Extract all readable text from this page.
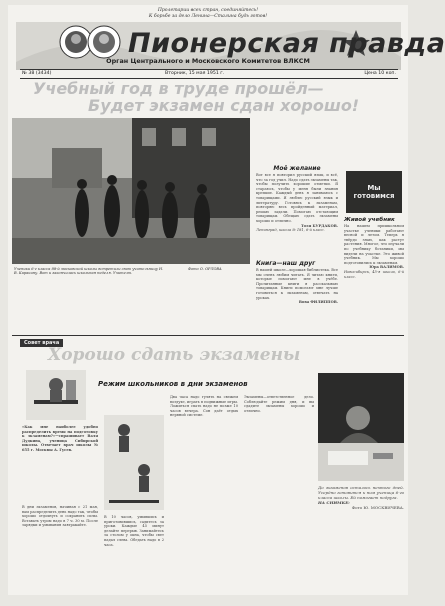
Пролетарии всех стран, соединяйтесь!
К борьбе за дело Ленина—Сталина будь готов!
Пионерская правда
Орган Центрального и Московского Комитетов ВЛКСМ
№ 38 (3434)	Вторник, 15 мая 1951 г.	Цена 10 коп.
Учебный год в труде прошёл—
Будет экзамен сдан хорошо!
Ученики 6-г класса 88-й московской школы встретили свою учительницу Н. В. Каракину. Вот и закончилась школьная неделя. Учителю.
Фото О. ОРЛОВА
Моё желание

Вот все я повторил русский язык, и всё, что за год учил. Надо сдать экзамены так, чтобы получить хорошие отметки. Я стараюсь, чтобы у меня были знания крепкие. Каждый день я занимаюсь с товарищами. Я люблю русский язык и литературу. Готовясь к экзаменам, повторяю весь пройденный материал, решаю задачи. Помогаю отстающим товарищам. Обещаю сдать экзамены хорошо и отлично.

Толя БУРДАКОВ.

Ленинград, школа № 181, 6-й класс.

Книга—наш друг

В нашей школе—хорошая библиотека. Все мы очень любим читать. Я читаю книги, которые помогают мне в учёбе. Прочитанные книги я рассказываю товарищам. Книги помогают мне лучше готовиться к экзаменам, отвечать на уроках.

Вова ФИЛИППОВ.

Мы готовимся
Живой учебник

На нашем пришкольном участке ученики работают весной и летом. Теперь я твёрдо знаю, как растут растения. Многое, что изучали по учебнику ботаники, мы видели на участке. Это живой учебник. Мы хорошо подготовились к экзаменам.

Юра ВАЛИМОВ.

Новосибирск, 45-я школа, 6-й класс.

Совет врача
Хорошо сдать экзамены
Режим школьников в дни экзаменов
«Как мне наиболее удобно распределить время на подготовку к экзаменам?»—спрашивает Валя Дудкина, ученица Сибирской школы. Отвечает врач школы № 655 г. Москвы А. Гусев.
В дни экзаменов, начиная с 21 мая, вам распределить день надо так, чтобы хорошо отдохнуть и сохранить силы. Вставать утром надо в 7 ч. 30 м. После зарядки и умывания завтракайте.
В 10 часов, умывшись и приготовившись, садитесь за уроки. Каждые 45 минут делайте перерыв. Занимайтесь за столом у окна, чтобы свет падал слева. Обедать надо в 2 часа.
Два часа надо гулять на свежем воздухе, играть в подвижные игры. Ложиться спать надо не позже 10 часов вечера. Сон даёт отдых нервной системе.
Экзамены—ответственное дело. Соблюдайте режим дня, и вы сдадите экзамены хорошо и отлично.

До экзаменов осталось немного дней. Усердно готовится к ним ученица 6-го класса школы. Ей помогает подруга.

НА СНИМКЕ:

Фото Ю. МОСКВИЧЕВА.
